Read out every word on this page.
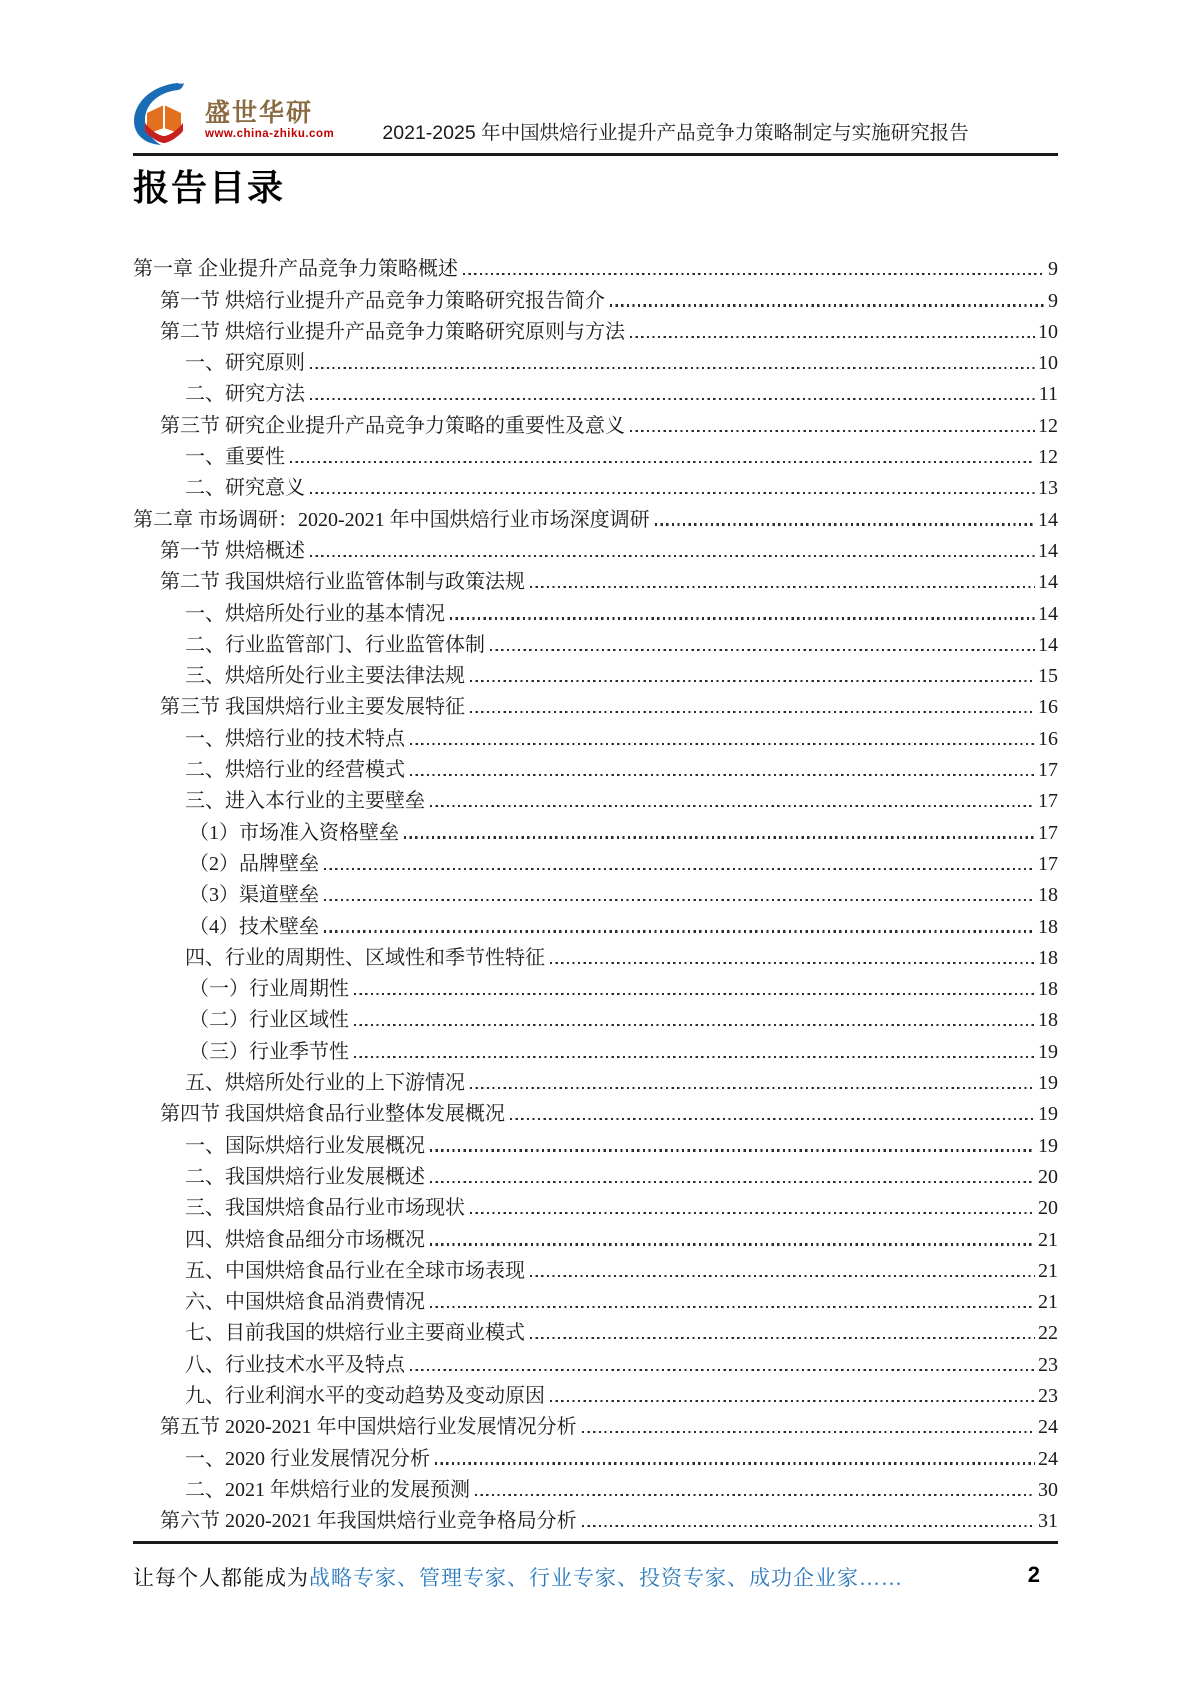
盛世华研
www.china-zhiku.com	2021-2025 年中国烘焙行业提升产品竞争力策略制定与实施研究报告
报告目录
第一章 企业提升产品竞争力策略概述	9
第一节 烘焙行业提升产品竞争力策略研究报告简介	9
第二节 烘焙行业提升产品竞争力策略研究原则与方法	10
一、研究原则	10
二、研究方法	11
第三节 研究企业提升产品竞争力策略的重要性及意义	12
一、重要性	12
二、研究意义	13
第二章 市场调研：2020-2021 年中国烘焙行业市场深度调研	14
第一节 烘焙概述	14
第二节 我国烘焙行业监管体制与政策法规	14
一、烘焙所处行业的基本情况	14
二、行业监管部门、行业监管体制	14
三、烘焙所处行业主要法律法规	15
第三节 我国烘焙行业主要发展特征	16
一、烘焙行业的技术特点	16
二、烘焙行业的经营模式	17
三、进入本行业的主要壁垒	17
（1）市场准入资格壁垒	17
（2）品牌壁垒	17
（3）渠道壁垒	18
（4）技术壁垒	18
四、行业的周期性、区域性和季节性特征	18
（一）行业周期性	18
（二）行业区域性	18
（三）行业季节性	19
五、烘焙所处行业的上下游情况	19
第四节 我国烘焙食品行业整体发展概况	19
一、国际烘焙行业发展概况	19
二、我国烘焙行业发展概述	20
三、我国烘焙食品行业市场现状	20
四、烘焙食品细分市场概况	21
五、中国烘焙食品行业在全球市场表现	21
六、中国烘焙食品消费情况	21
七、目前我国的烘焙行业主要商业模式	22
八、行业技术水平及特点	23
九、行业利润水平的变动趋势及变动原因	23
第五节 2020-2021 年中国烘焙行业发展情况分析	24
一、2020 行业发展情况分析	24
二、2021 年烘焙行业的发展预测	30
第六节 2020-2021 年我国烘焙行业竞争格局分析	31
让每个人都能成为战略专家、管理专家、行业专家、投资专家、成功企业家……	2
